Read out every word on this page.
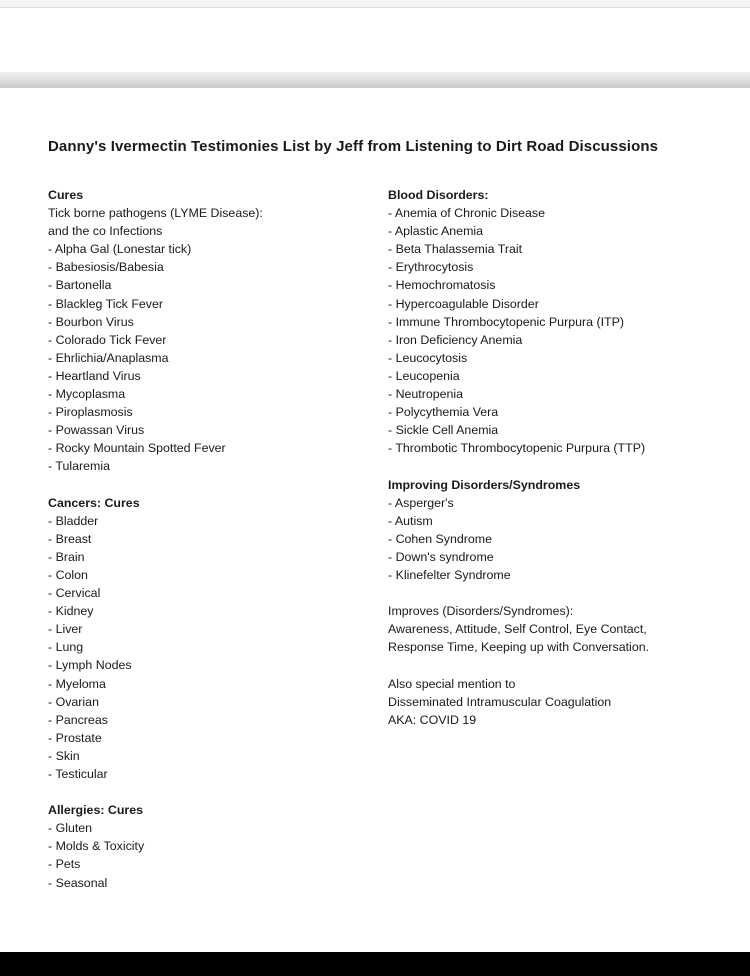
Danny's Ivermectin Testimonies List by Jeff from Listening to Dirt Road Discussions
Cures
Tick borne pathogens (LYME Disease):
and the co Infections
- Alpha Gal (Lonestar tick)
- Babesiosis/Babesia
- Bartonella
- Blackleg Tick Fever
- Bourbon Virus
- Colorado Tick Fever
- Ehrlichia/Anaplasma
- Heartland Virus
- Mycoplasma
- Piroplasmosis
- Powassan Virus
- Rocky Mountain Spotted Fever
- Tularemia
Cancers: Cures
- Bladder
- Breast
- Brain
- Colon
- Cervical
- Kidney
- Liver
- Lung
- Lymph Nodes
- Myeloma
- Ovarian
- Pancreas
- Prostate
- Skin
- Testicular
Allergies: Cures
- Gluten
- Molds & Toxicity
- Pets
- Seasonal
Blood Disorders:
- Anemia of Chronic Disease
- Aplastic Anemia
- Beta Thalassemia Trait
- Erythrocytosis
- Hemochromatosis
- Hypercoagulable Disorder
- Immune Thrombocytopenic Purpura (ITP)
- Iron Deficiency Anemia
- Leucocytosis
- Leucopenia
- Neutropenia
- Polycythemia Vera
- Sickle Cell Anemia
- Thrombotic Thrombocytopenic Purpura (TTP)
Improving Disorders/Syndromes
- Asperger's
- Autism
- Cohen Syndrome
- Down's syndrome
- Klinefelter Syndrome
Improves (Disorders/Syndromes):
Awareness, Attitude, Self Control, Eye Contact,
Response Time, Keeping up with Conversation.
Also special mention to
Disseminated Intramuscular Coagulation
AKA: COVID 19
